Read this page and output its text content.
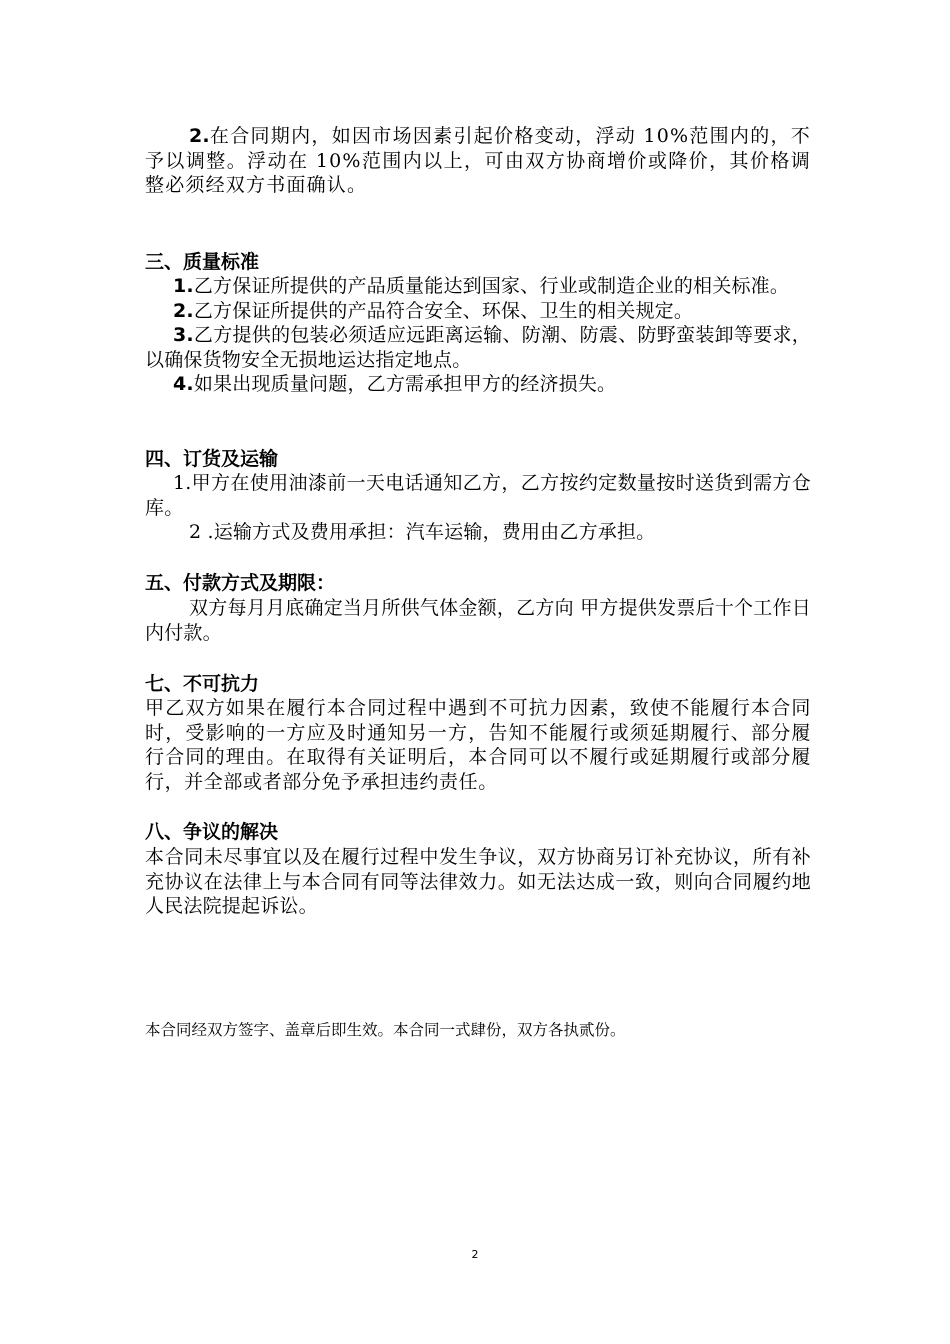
2.在合同期内，如因市场因素引起价格变动，浮动 10%范围内的，不予以调整。浮动在 10%范围内以上，可由双方协商增价或降价，其价格调整必须经双方书面确认。

三、质量标准

1.乙方保证所提供的产品质量能达到国家、行业或制造企业的相关标准。

2.乙方保证所提供的产品符合安全、环保、卫生的相关规定。

3.乙方提供的包装必须适应远距离运输、防潮、防震、防野蛮装卸等要求，以确保货物安全无损地运达指定地点。

4.如果出现质量问题，乙方需承担甲方的经济损失。

四、订货及运输

1.甲方在使用油漆前一天电话通知乙方，乙方按约定数量按时送货到需方仓库。

2 .运输方式及费用承担：汽车运输，费用由乙方承担。

五、付款方式及期限：

双方每月月底确定当月所供气体金额，乙方向 甲方提供发票后十个工作日内付款。

七、不可抗力

甲乙双方如果在履行本合同过程中遇到不可抗力因素，致使不能履行本合同时，受影响的一方应及时通知另一方，告知不能履行或须延期履行、部分履行合同的理由。在取得有关证明后，本合同可以不履行或延期履行或部分履行，并全部或者部分免予承担违约责任。

八、争议的解决

本合同未尽事宜以及在履行过程中发生争议，双方协商另订补充协议，所有补充协议在法律上与本合同有同等法律效力。如无法达成一致，则向合同履约地人民法院提起诉讼。

本合同经双方签字、盖章后即生效。本合同一式肆份，双方各执贰份。
2
